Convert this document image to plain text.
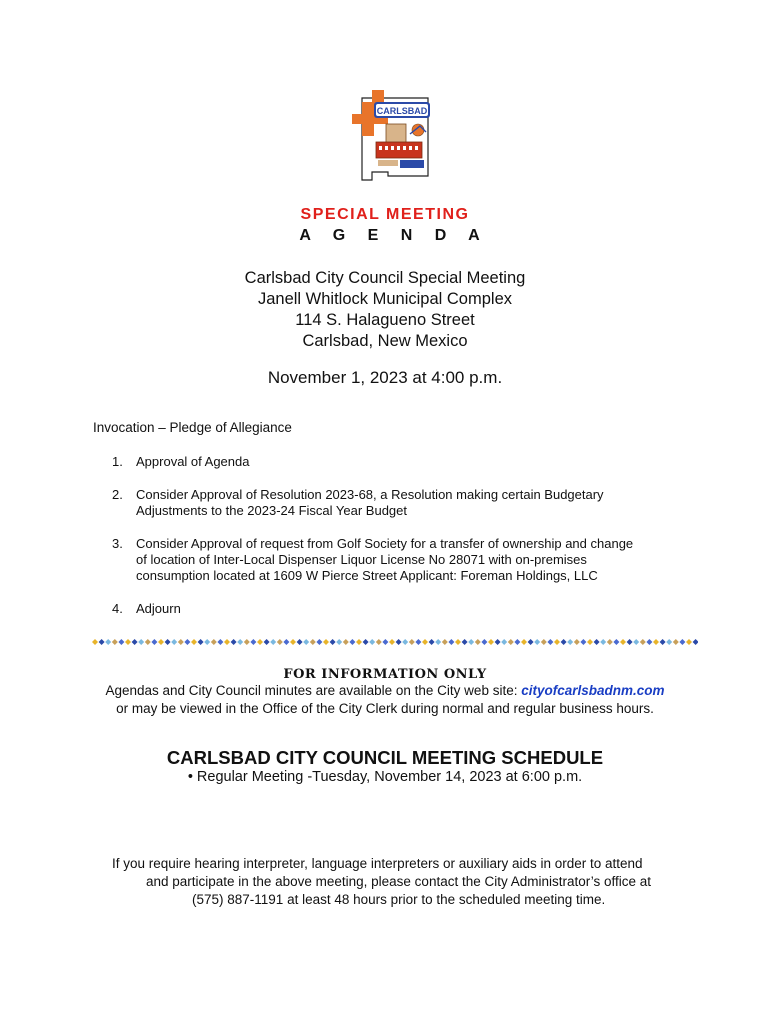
CARLSBAD
SPECIAL MEETING
A G E N D A
Carlsbad City Council Special Meeting
Janell Whitlock Municipal Complex
114 S. Halagueno Street
Carlsbad, New Mexico
November 1, 2023 at 4:00 p.m.
Invocation – Pledge of Allegiance
1. Approval of Agenda
2. Consider Approval of Resolution 2023-68, a Resolution making certain Budgetary
Adjustments to the 2023-24 Fiscal Year Budget
3. Consider Approval of request from Golf Society for a transfer of ownership and change
of location of Inter-Local Dispenser Liquor License No 28071 with on-premises
consumption located at 1609 W Pierce Street Applicant: Foreman Holdings, LLC
4. Adjourn
FOR INFORMATION ONLY
Agendas and City Council minutes are available on the City web site: cityofcarlsbadnm.com
or may be viewed in the Office of the City Clerk during normal and regular business hours.
CARLSBAD CITY COUNCIL MEETING SCHEDULE
• Regular Meeting -Tuesday, November 14, 2023 at 6:00 p.m.
If you require hearing interpreter, language interpreters or auxiliary aids in order to attend
and participate in the above meeting, please contact the City Administrator’s office at
(575) 887-1191 at least 48 hours prior to the scheduled meeting time.
